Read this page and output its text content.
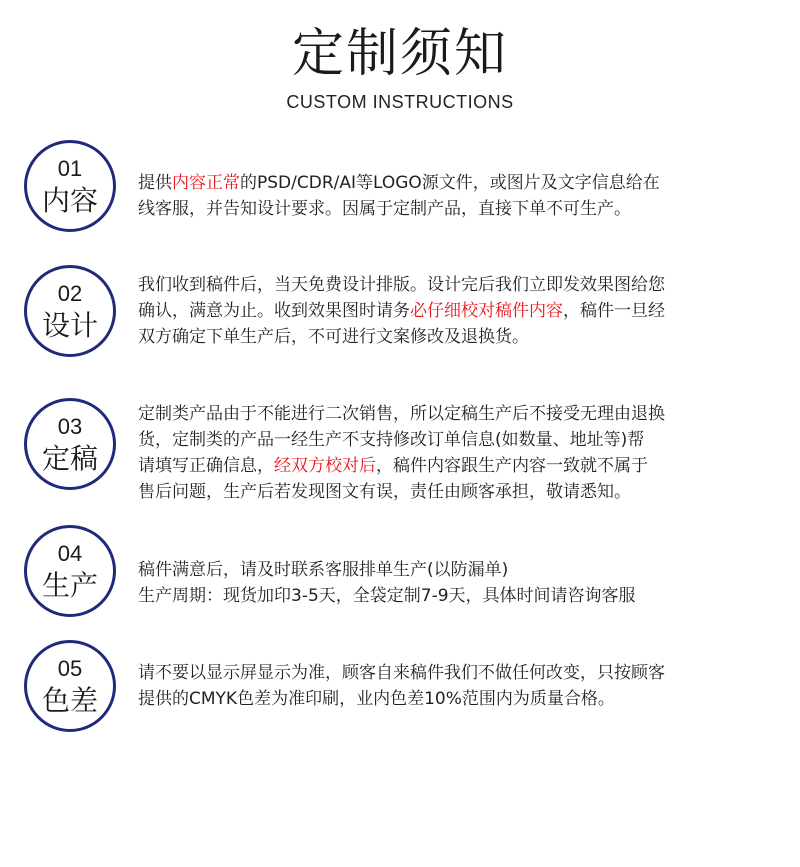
定制须知
CUSTOM INSTRUCTIONS
01
内容
提供内容正常的PSD/CDR/AI等LOGO源文件，或图片及文字信息给在
线客服，并告知设计要求。因属于定制产品，直接下单不可生产。
02
设计
我们收到稿件后，当天免费设计排版。设计完后我们立即发效果图给您
确认，满意为止。收到效果图时请务必仔细校对稿件内容，稿件一旦经
双方确定下单生产后，不可进行文案修改及退换货。
03
定稿
定制类产品由于不能进行二次销售，所以定稿生产后不接受无理由退换
货，定制类的产品一经生产不支持修改订单信息(如数量、地址等)帮
请填写正确信息，经双方校对后，稿件内容跟生产内容一致就不属于
售后问题，生产后若发现图文有误，责任由顾客承担，敬请悉知。
04
生产	稿件满意后，请及时联系客服排单生产(以防漏单)
生产周期：现货加印3-5天，全袋定制7-9天，具体时间请咨询客服
05
色差
请不要以显示屏显示为准，顾客自来稿件我们不做任何改变，只按顾客
提供的CMYK色差为准印刷，业内色差10%范围内为质量合格。
